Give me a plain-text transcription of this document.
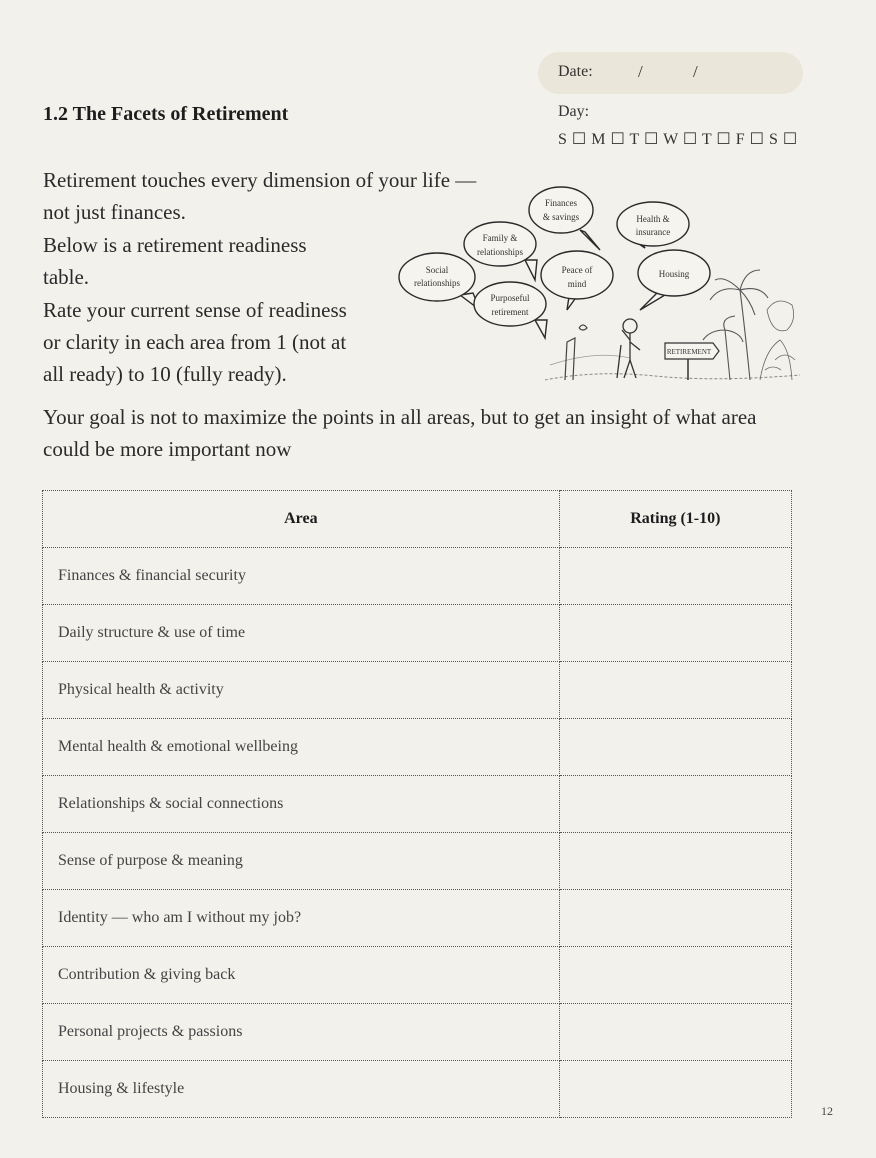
Date:	/	/
Day:
S ☐ M ☐ T ☐ W ☐ T ☐ F ☐ S ☐
1.2 The Facets of Retirement

Retirement touches every dimension of your life —
not just finances.
Below is a retirement readiness
table.
Rate your current sense of readiness
or clarity in each area from 1 (not at
all ready) to 10 (fully ready).

Finances
& savings	Health &
insurance
Family &
relationships
Social
relationships
Peace of
mind
Housing
Purposeful
retirement
RETIREMENT

Your goal is not to maximize the points in all areas, but to get an insight of what area could be more important now

Area	Rating (1-10)
Finances & financial security	
Daily structure & use of time	
Physical health & activity	
Mental health & emotional wellbeing	
Relationships & social connections	
Sense of purpose & meaning	
Identity — who am I without my job?	
Contribution & giving back	
Personal projects & passions	
Housing & lifestyle	
12
